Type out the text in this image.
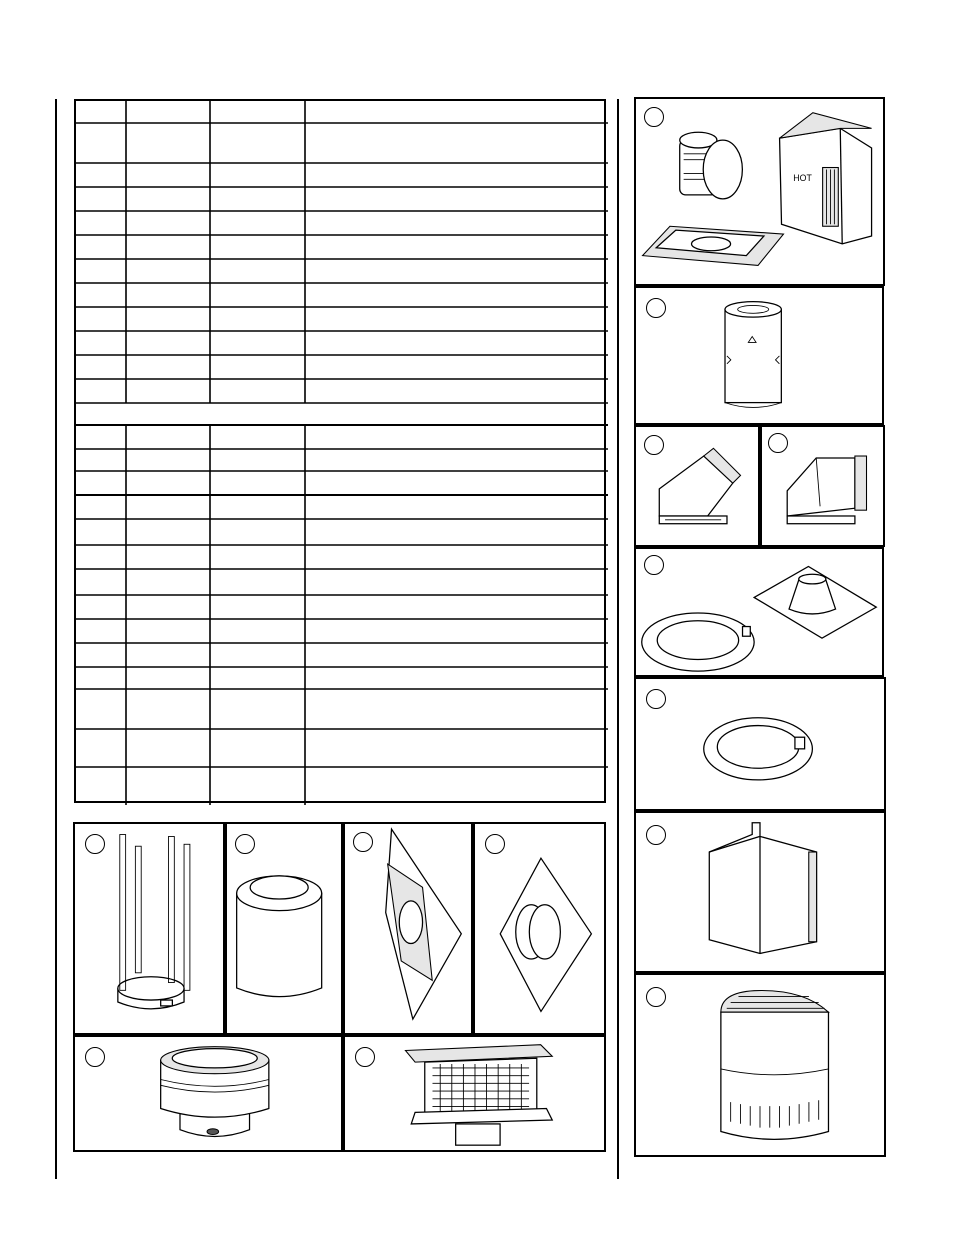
HOT
